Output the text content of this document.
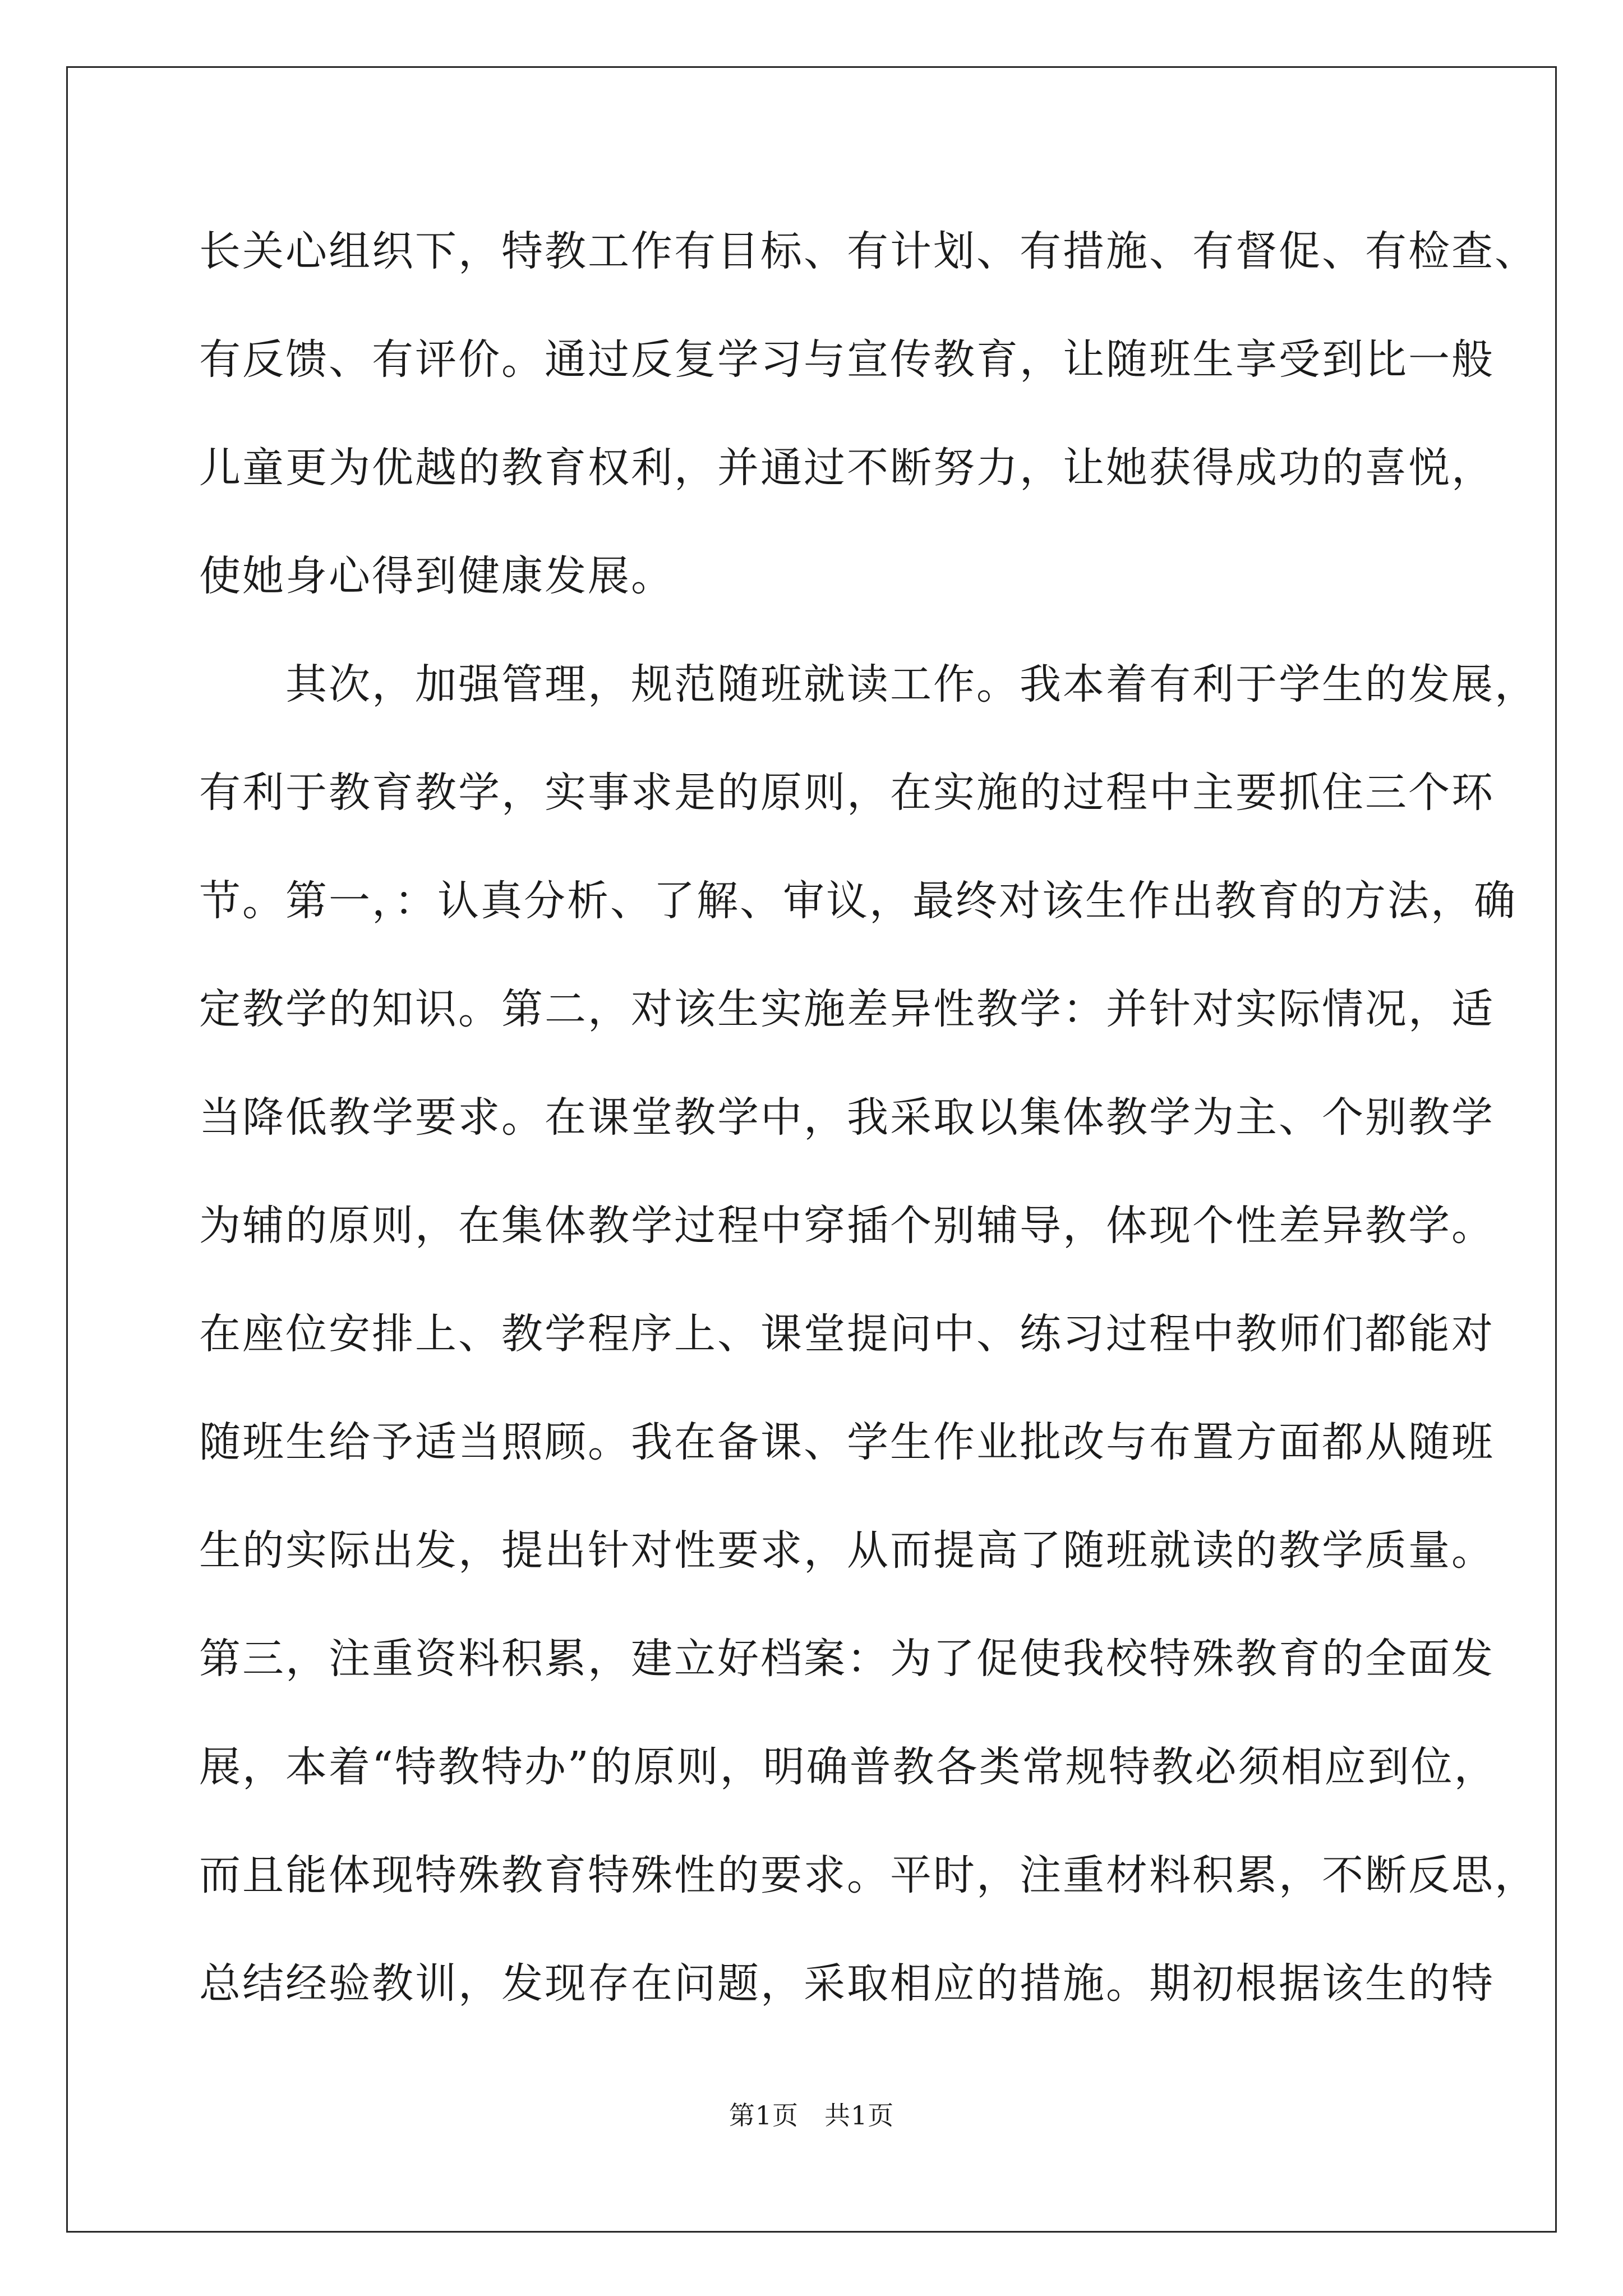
长关心组织下，特教工作有目标、有计划、有措施、有督促、有检查、
有反馈、有评价。通过反复学习与宣传教育，让随班生享受到比一般
儿童更为优越的教育权利，并通过不断努力，让她获得成功的喜悦，
使她身心得到健康发展。
　　其次，加强管理，规范随班就读工作。我本着有利于学生的发展，
有利于教育教学，实事求是的原则，在实施的过程中主要抓住三个环
节。第一，：认真分析、了解、审议，最终对该生作出教育的方法，确
定教学的知识。第二，对该生实施差异性教学：并针对实际情况，适
当降低教学要求。在课堂教学中，我采取以集体教学为主、个别教学
为辅的原则，在集体教学过程中穿插个别辅导，体现个性差异教学。
在座位安排上、教学程序上、课堂提问中、练习过程中教师们都能对
随班生给予适当照顾。我在备课、学生作业批改与布置方面都从随班
生的实际出发，提出针对性要求，从而提高了随班就读的教学质量。
第三，注重资料积累，建立好档案：为了促使我校特殊教育的全面发
展，本着“特教特办”的原则，明确普教各类常规特教必须相应到位，
而且能体现特殊教育特殊性的要求。平时，注重材料积累，不断反思，
总结经验教训，发现存在问题，采取相应的措施。期初根据该生的特
第1页 共1页
